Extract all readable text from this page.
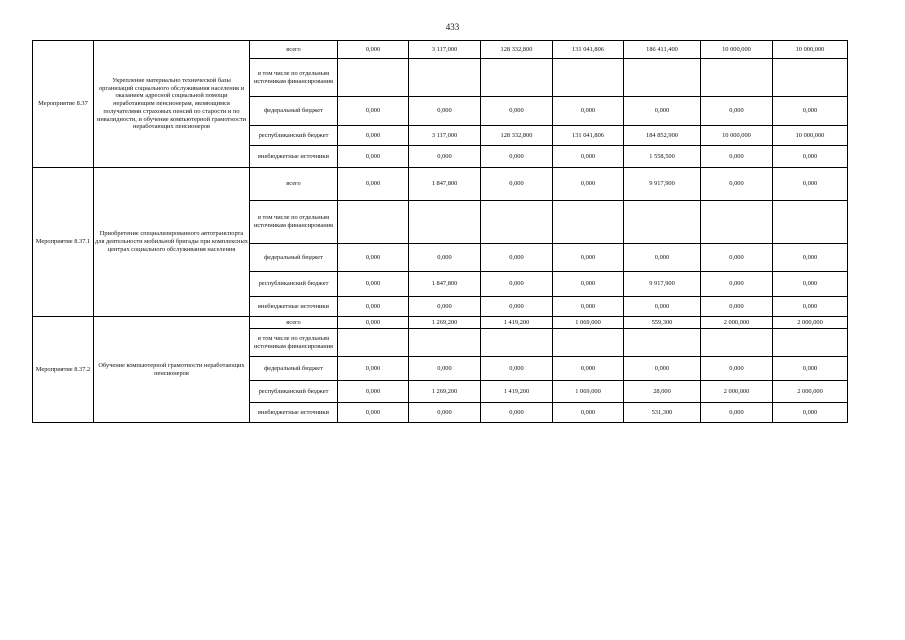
433
Мероприятие 8.37	Укрепление материально технической базы организаций социального обслуживания населения и оказанием адресной социальной помощи неработающим пенсионерам, являющимся получателями страховых пенсий по старости и по инвалидности, и обучение компьютерной грамотности неработающих пенсионеров	всего	0,000	3 117,000	128 332,800	131 041,806	186 411,400	10 000,000	10 000,000
		в том числе по отдельным источникам финансирования							
		федеральный бюджет	0,000	0,000	0,000	0,000	0,000	0,000	0,000
		республиканский бюджет	0,000	3 117,000	128 332,800	131 041,806	184 852,900	10 000,000	10 000,000
		внебюджетные источники	0,000	0,000	0,000	0,000	1 558,500	0,000	0,000
Мероприятие 8.37.1	Приобретение специализированного автотранспорта для деятельности мобильной бригады при комплексных центрах социального обслуживания населения	всего	0,000	1 847,800	0,000	0,000	9 917,900	0,000	0,000
		в том числе по отдельным источникам финансирования							
		федеральный бюджет	0,000	0,000	0,000	0,000	0,000	0,000	0,000
		республиканский бюджет	0,000	1 847,800	0,000	0,000	9 917,900	0,000	0,000
		внебюджетные источники	0,000	0,000	0,000	0,000	0,000	0,000	0,000
Мероприятие 8.37.2	Обучение компьютерной грамотности неработающих пенсионеров	всего	0,000	1 269,200	1 419,200	1 069,000	559,300	2 000,000	2 000,000
		в том числе по отдельным источникам финансирования							
		федеральный бюджет	0,000	0,000	0,000	0,000	0,000	0,000	0,000
		республиканский бюджет	0,000	1 269,200	1 419,200	1 069,000	28,000	2 000,000	2 000,000
		внебюджетные источники	0,000	0,000	0,000	0,000	531,300	0,000	0,000
